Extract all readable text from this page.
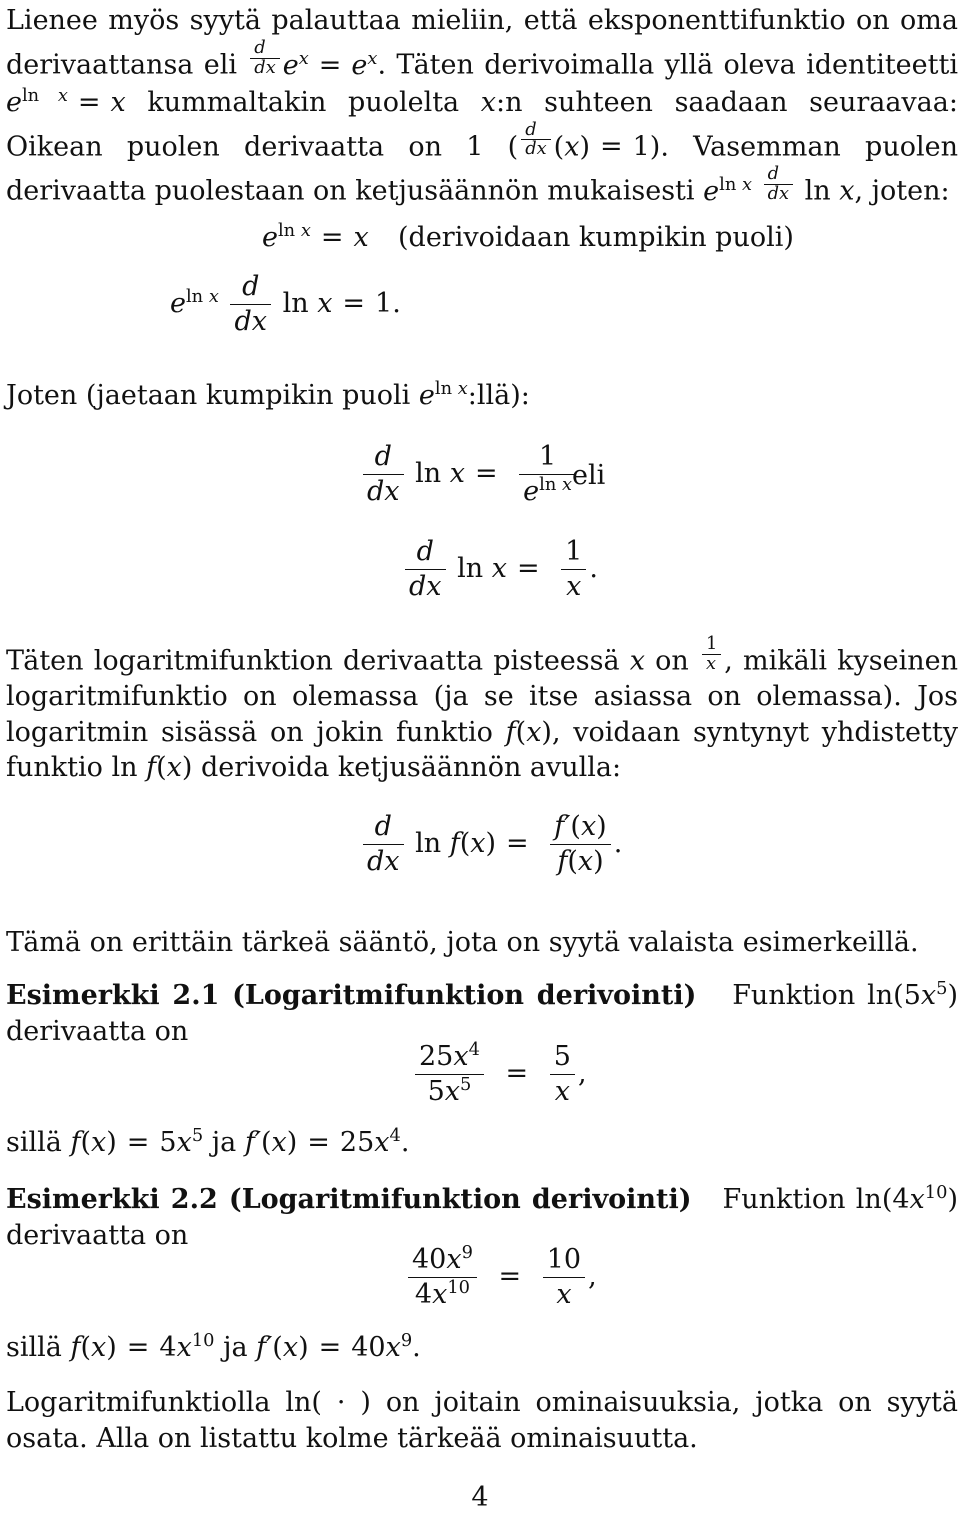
Lienee myös syytä palauttaa mieliin, että eksponenttifunktio on oma derivaattansa eli $\frac{d}{dx} e^x = e^x$. Täten derivoimalla yllä oleva identiteetti $e^{ln x} = x$ kummaltakin puolelta x:n suhteen saadaan seuraavaa: Oikean puolen derivaatta on 1 ( $\frac{d}{dx} (x) = 1$). Vasemman puolen derivaatta puolestaan on ketjusäännön mukaisesti $e^{ln x} \frac{d}{dx}$ ln x, joten:

$e^{ln x} = x$ (derivoidaan kumpikin puoli)
$e^{ln x} \frac{d}{dx}$ ln x = 1.

Joten (jaetaan kumpikin puoli $e^{ln x}:llä$):

$\frac{d}{dx}$ $\ln x = \frac{1}{e^{ln x}}$
eli
$\frac{d}{dx}$ $\ln x = \frac{1}{x}$ .

Täten logaritmifunktion derivaatta pisteessä x on $\frac{1}{x}$ , mikäli kyseinen logaritmifunktio on olemassa (ja se itse asiassa on olemassa). Jos logaritmin sisässä on jokin funktio f(x), voidaan syntynyt yhdistetty funktio ln f(x) derivoida ketjusäännön avulla:

$\frac{d}{dx}$ $\ln f(x) = \frac{f'(x)}{f(x)}$ .

Tämä on erittäin tärkeä sääntö, jota on syytä valaista esimerkeillä.

Esimerkki 2.1 (Logaritmifunktion derivointi) Funktion $\ln(5x^5)$ derivaatta on

$\frac{25x^4}{5x^5} = \frac{5}{x}$ ,
sillä $f(x) = 5x^5$ ja $f'(x) = 25x^4$.

Esimerkki 2.2 (Logaritmifunktion derivointi) Funktion $\ln(4x^{10})$ derivaatta on

$\frac{40x^9}{4x^{10}} = \frac{10}{x}$ ,
sillä $f(x) = 4x^{10}$ ja $f'(x) = 40x^9$.

Logaritmifunktiolla ln( · ) on joitain ominaisuuksia, jotka on syytä osata. Alla on listattu kolme tärkeää ominaisuutta.

4
